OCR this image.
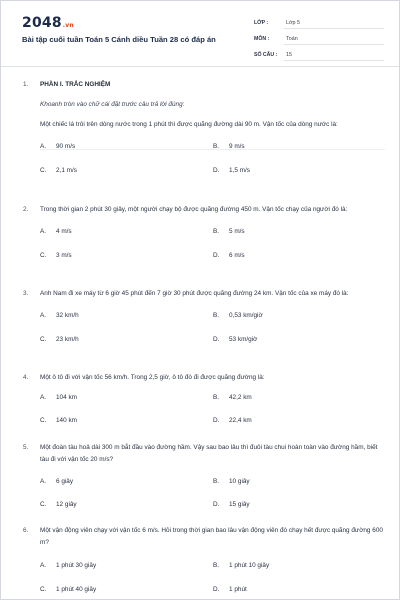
2048.vn
Bài tập cuối tuần Toán 5 Cánh diều Tuần 28 có đáp án
LỚP :	Lớp 5
MÔN :	Toán
SỐ CÂU :	15
1.	PHẦN I. TRẮC NGHIỆM
Khoanh tròn vào chữ cái đặt trước câu trả lời đúng:
Một chiếc lá trôi trên dòng nước trong 1 phút thì được quãng đường dài 90 m. Vận tốc của dòng nước là:
A.	90 m/s	B.	9 m/s
C.	2,1 m/s	D.	1,5 m/s
2.	Trong thời gian 2 phút 30 giây, một người chạy bộ được quãng đường 450 m. Vận tốc chạy của người đó là:
A.	4 m/s	B.	5 m/s
C.	3 m/s	D.	6 m/s
3.	Anh Nam đi xe máy từ 6 giờ 45 phút đến 7 giờ 30 phút được quãng đường 24 km. Vận tốc của xe máy đó là:
A.	32 km/h	B.	0,53 km/giờ
C.	23 km/h	D.	53 km/giờ
4.	Một ô tô đi với vận tốc 56 km/h. Trong 2,5 giờ, ô tô đó đi được quãng đường là:
A.	104 km	B.	42,2 km
C.	140 km	D.	22,4 km
5.	Một đoàn tàu hoả dài 300 m bắt đầu vào đường hầm. Vậy sau bao lâu thì đuôi tàu chui hoàn toàn vào đường hầm, biết tàu đi với vận tốc 20 m/s?
A.	6 giây	B.	10 giây
C.	12 giây	D.	15 giây
6.	Một vận động viên chạy với vận tốc 6 m/s. Hỏi trong thời gian bao lâu vận động viên đó chạy hết được quãng đường 600 m?
A.	1 phút 30 giây	B.	1 phút 10 giây
C.	1 phút 40 giây	D.	1 phút
